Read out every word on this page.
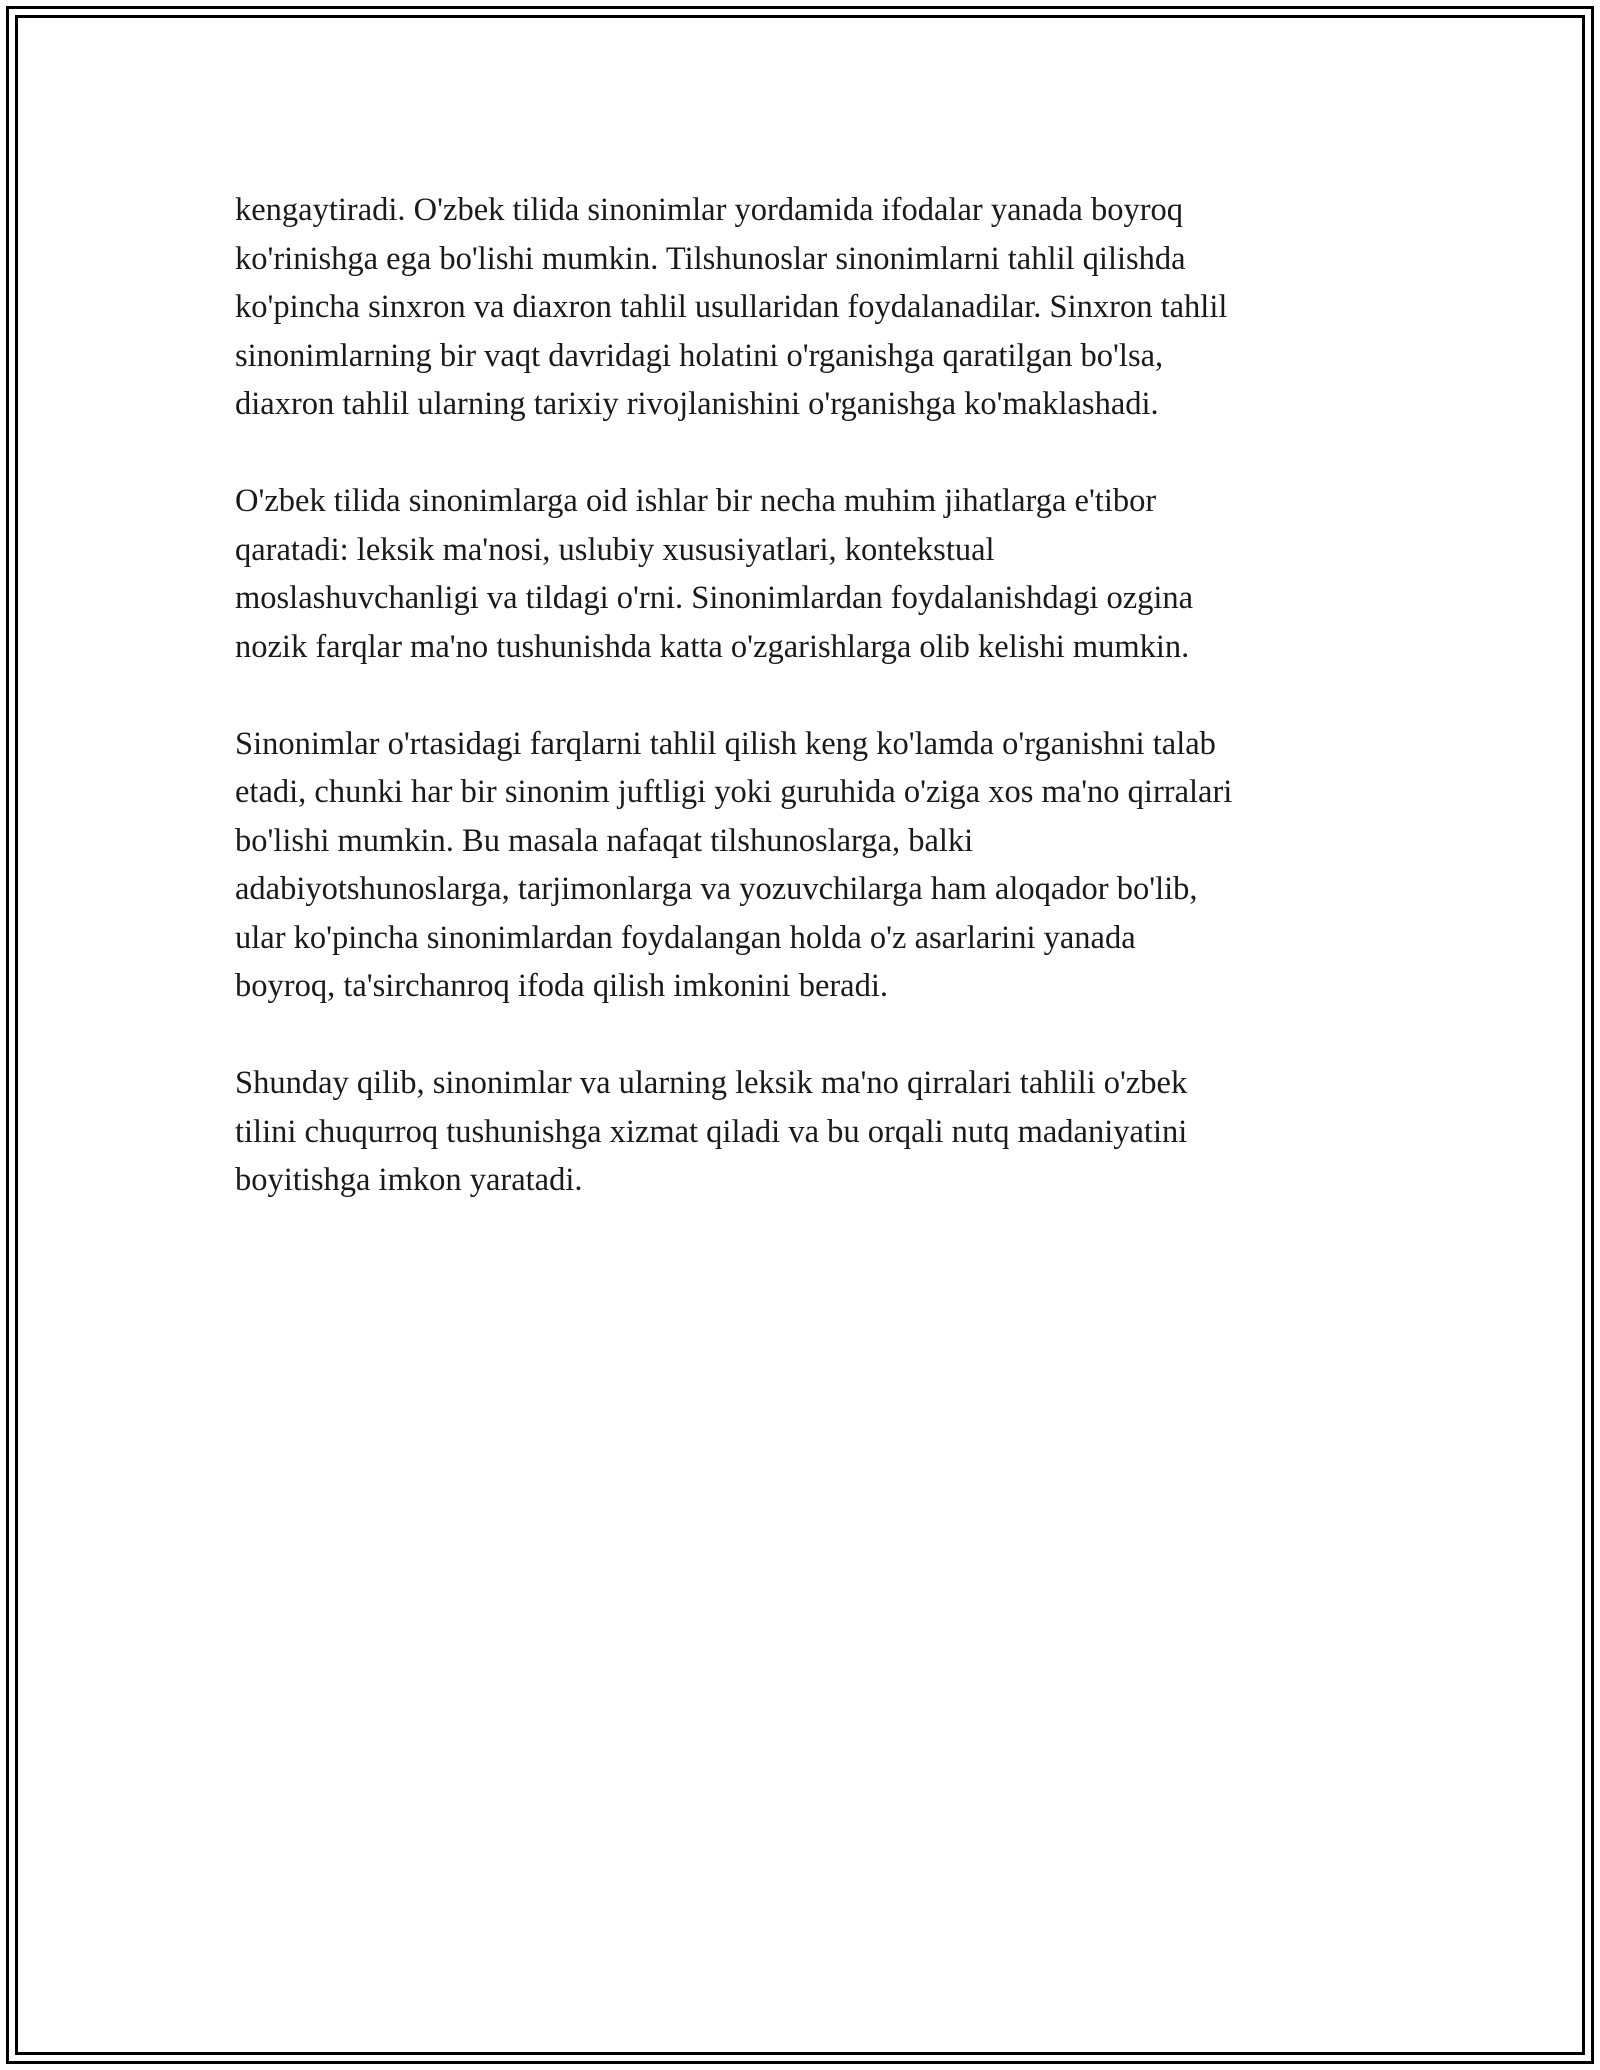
kengaytiradi. O'zbek tilida sinonimlar yordamida ifodalar yanada boyroq
ko'rinishga ega bo'lishi mumkin. Tilshunoslar sinonimlarni tahlil qilishda
ko'pincha sinxron va diaxron tahlil usullaridan foydalanadilar. Sinxron tahlil
sinonimlarning bir vaqt davridagi holatini o'rganishga qaratilgan bo'lsa,
diaxron tahlil ularning tarixiy rivojlanishini o'rganishga ko'maklashadi.

O'zbek tilida sinonimlarga oid ishlar bir necha muhim jihatlarga e'tibor
qaratadi: leksik ma'nosi, uslubiy xususiyatlari, kontekstual
moslashuvchanligi va tildagi o'rni. Sinonimlardan foydalanishdagi ozgina
nozik farqlar ma'no tushunishda katta o'zgarishlarga olib kelishi mumkin.

Sinonimlar o'rtasidagi farqlarni tahlil qilish keng ko'lamda o'rganishni talab
etadi, chunki har bir sinonim juftligi yoki guruhida o'ziga xos ma'no qirralari
bo'lishi mumkin. Bu masala nafaqat tilshunoslarga, balki
adabiyotshunoslarga, tarjimonlarga va yozuvchilarga ham aloqador bo'lib,
ular ko'pincha sinonimlardan foydalangan holda o'z asarlarini yanada
boyroq, ta'sirchanroq ifoda qilish imkonini beradi.

Shunday qilib, sinonimlar va ularning leksik ma'no qirralari tahlili o'zbek
tilini chuqurroq tushunishga xizmat qiladi va bu orqali nutq madaniyatini
boyitishga imkon yaratadi.
